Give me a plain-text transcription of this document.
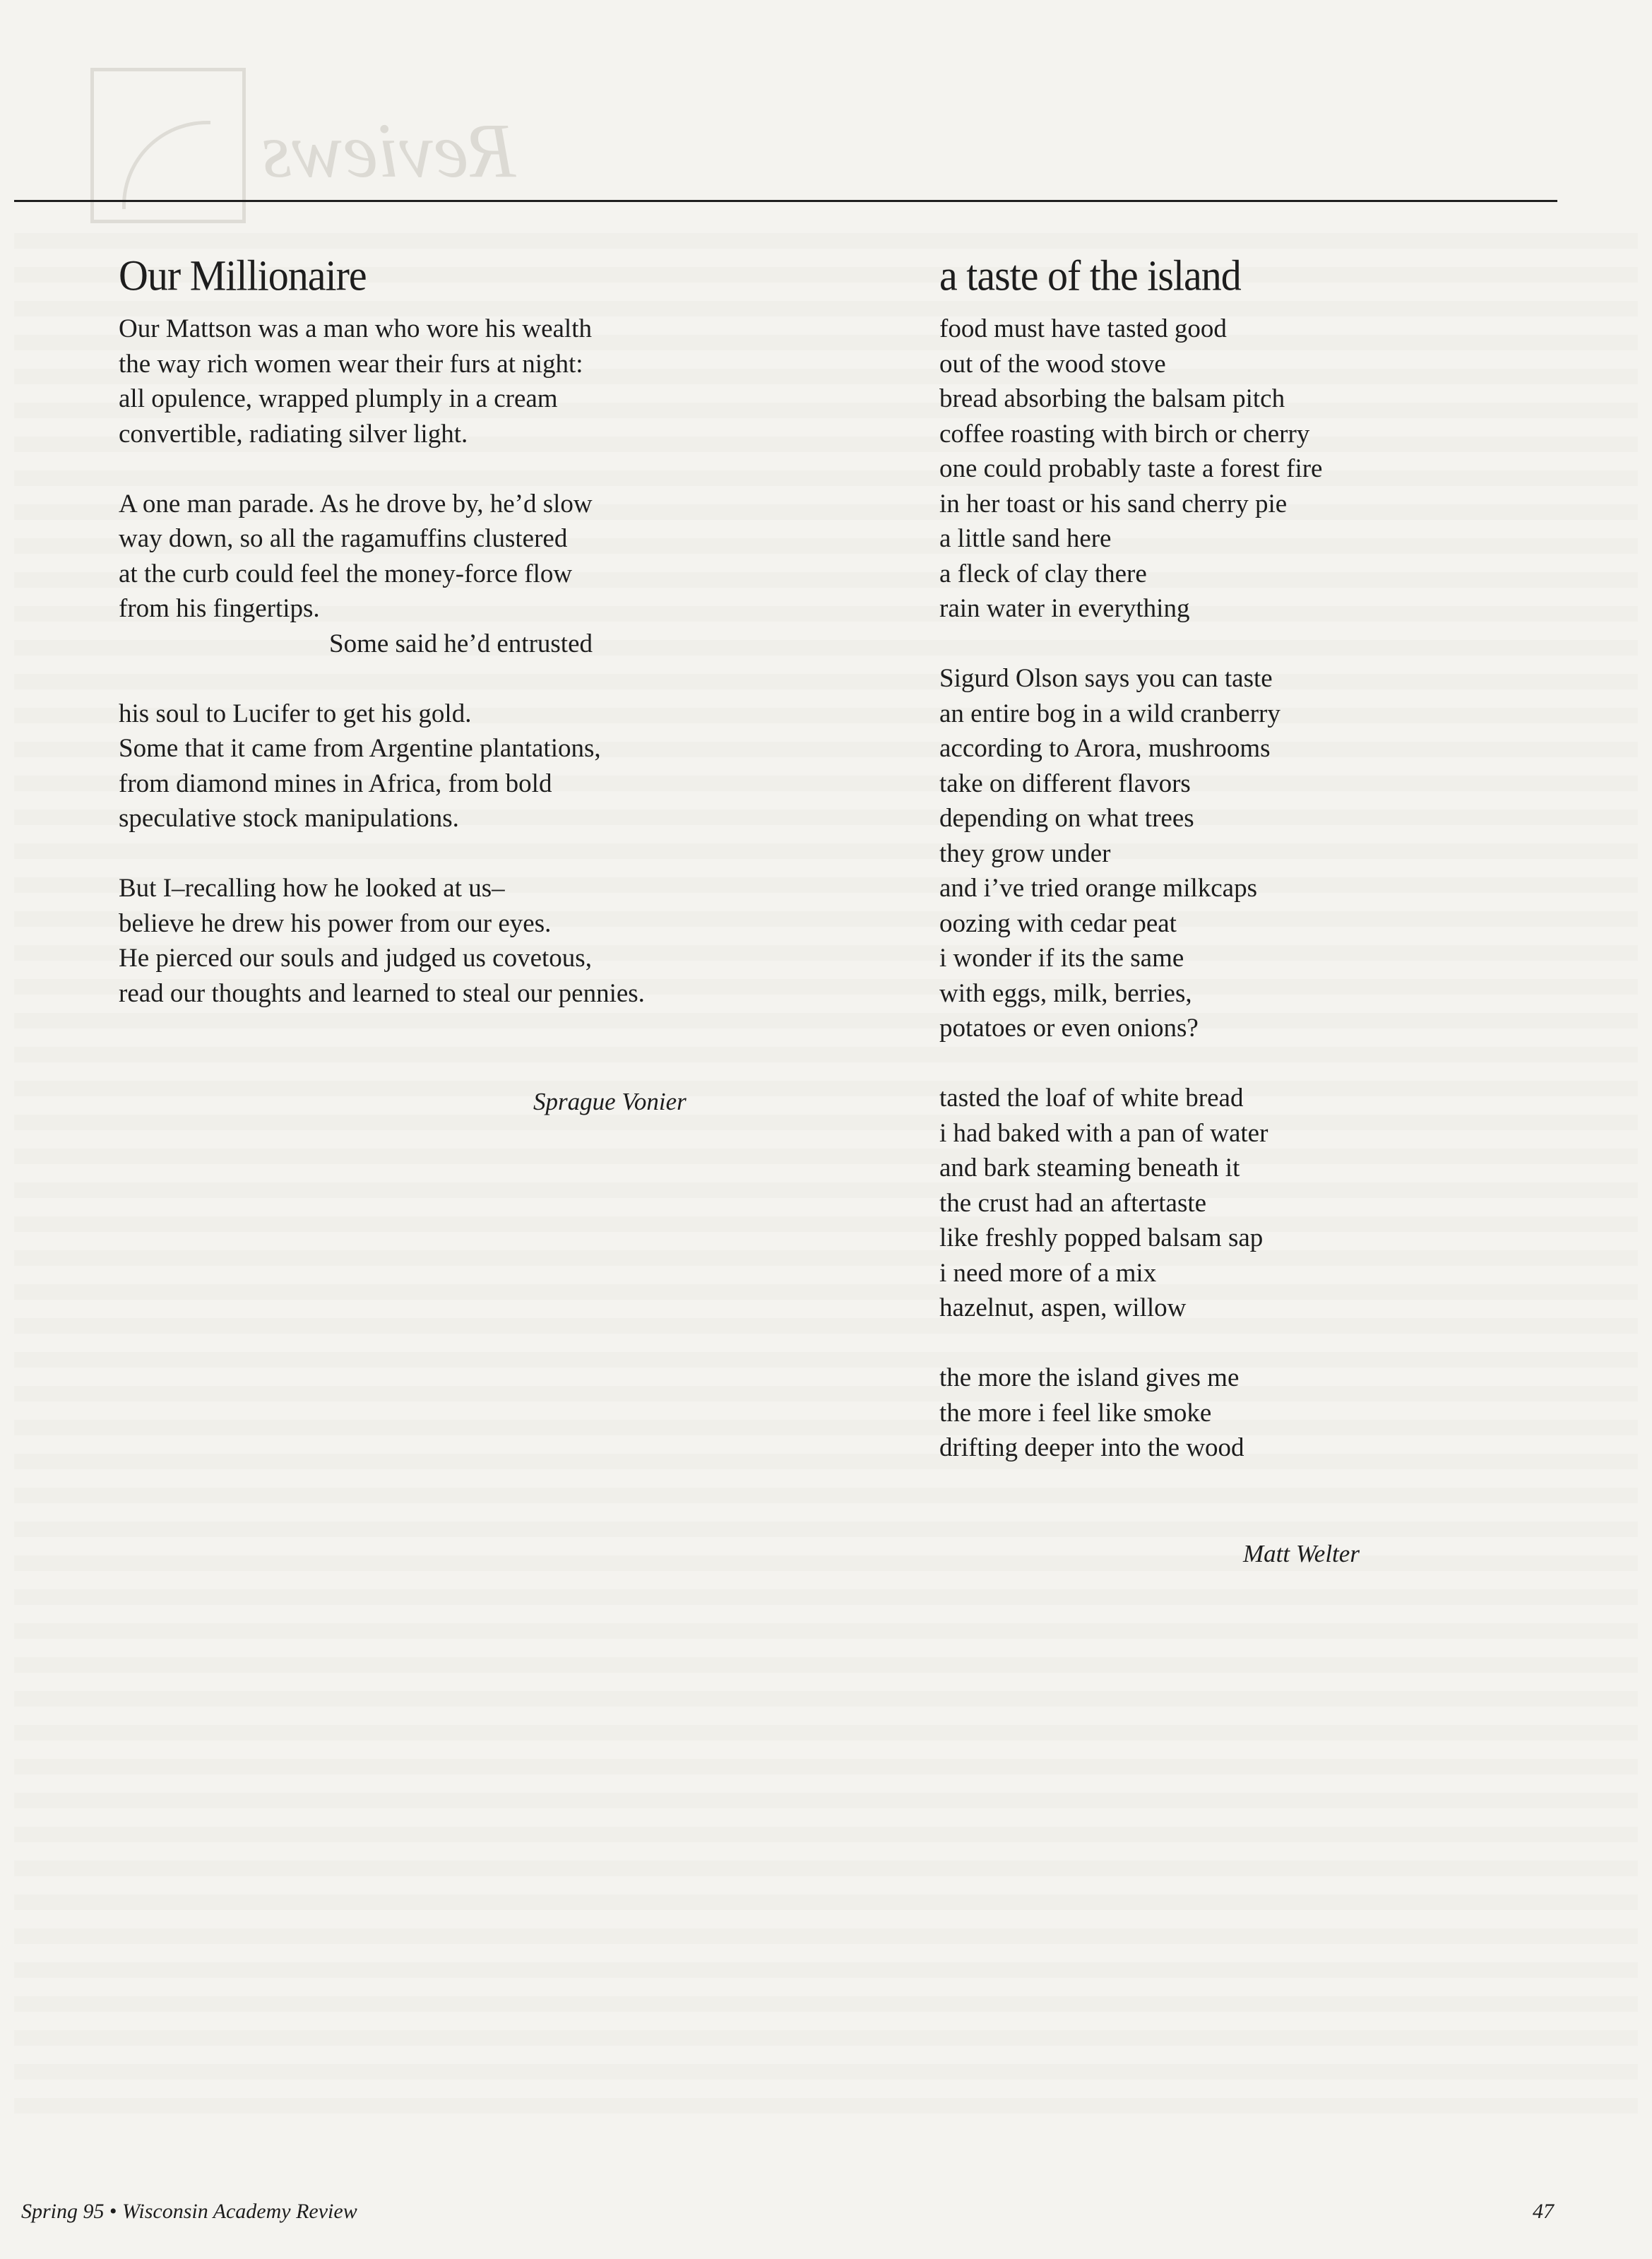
Reviews
Our Millionaire
Our Mattson was a man who wore his wealth
the way rich women wear their furs at night:
all opulence, wrapped plumply in a cream
convertible, radiating silver light.
A one man parade. As he drove by, he’d slow
way down, so all the ragamuffins clustered
at the curb could feel the money-force flow
from his fingertips.
Some said he’d entrusted
his soul to Lucifer to get his gold.
Some that it came from Argentine plantations,
from diamond mines in Africa, from bold
speculative stock manipulations.
But I–recalling how he looked at us–
believe he drew his power from our eyes.
He pierced our souls and judged us covetous,
read our thoughts and learned to steal our pennies.
Sprague Vonier
a taste of the island
food must have tasted good
out of the wood stove
bread absorbing the balsam pitch
coffee roasting with birch or cherry
one could probably taste a forest fire
in her toast or his sand cherry pie
a little sand here
a fleck of clay there
rain water in everything
Sigurd Olson says you can taste
an entire bog in a wild cranberry
according to Arora, mushrooms
take on different flavors
depending on what trees
they grow under
and i’ve tried orange milkcaps
oozing with cedar peat
i wonder if its the same
with eggs, milk, berries,
potatoes or even onions?
tasted the loaf of white bread
i had baked with a pan of water
and bark steaming beneath it
the crust had an aftertaste
like freshly popped balsam sap
i need more of a mix
hazelnut, aspen, willow
the more the island gives me
the more i feel like smoke
drifting deeper into the wood
Matt Welter
Spring 95 • Wisconsin Academy Review	47
